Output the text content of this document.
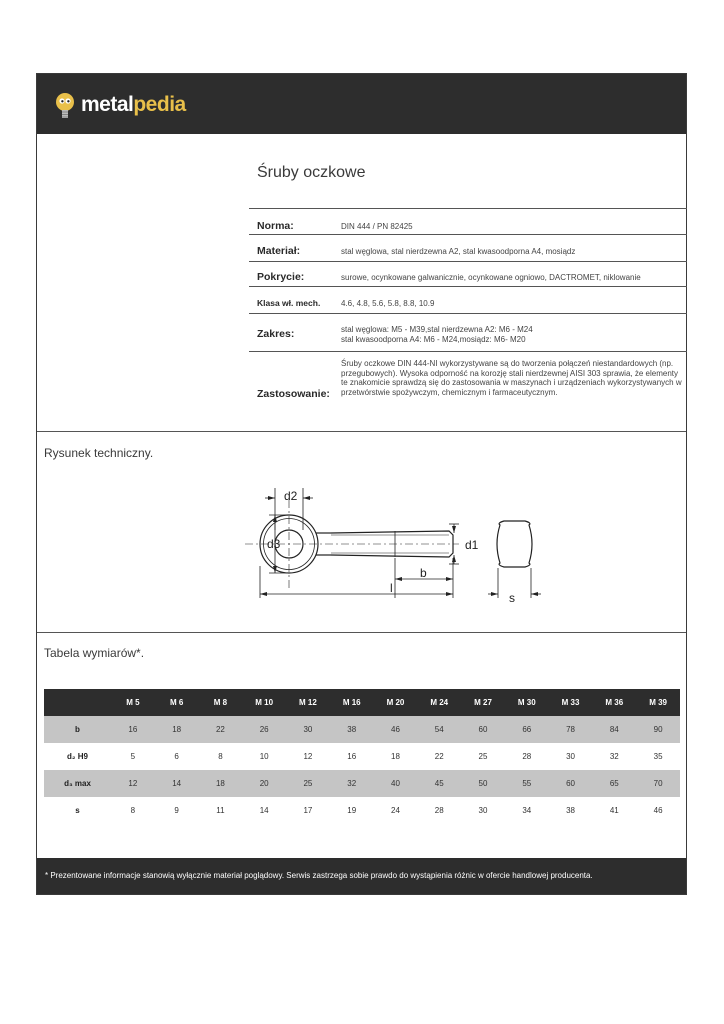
metalpedia
Śruby oczkowe
Norma:	DIN 444 / PN 82425
Materiał:	stal węglowa, stal nierdzewna A2, stal kwasoodporna A4, mosiądz
Pokrycie:	surowe, ocynkowane galwanicznie, ocynkowane ogniowo, DACTROMET, niklowanie
Klasa wł. mech.	4.6, 4.8, 5.6, 5.8, 8.8, 10.9
Zakres:	stal węglowa: M5 - M39,stal nierdzewna A2: M6 - M24
stal kwasoodporna A4: M6 - M24,mosiądz: M6- M20
Zastosowanie:
Śruby oczkowe DIN 444-NI wykorzystywane są do tworzenia połączeń niestandardowych (np. przegubowych). Wysoka odporność na korozję stali nierdzewnej AISI 303 sprawia, że elementy te znakomicie sprawdzą się do zastosowania w maszynach i urządzeniach wykorzystywanych w przetwórstwie spożywczym, chemicznym i farmaceutycznym.
Rysunek techniczny.
d2
d3	d1
b
l
s
Tabela wymiarów*.
	M 5	M 6	M 8	M 10	M 12	M 16	M 20	M 24	M 27	M 30	M 33	M 36	M 39
b	16	18	22	26	30	38	46	54	60	66	78	84	90
d₂ H9	5	6	8	10	12	16	18	22	25	28	30	32	35
d₃ max	12	14	18	20	25	32	40	45	50	55	60	65	70
s	8	9	11	14	17	19	24	28	30	34	38	41	46
* Prezentowane informacje stanowią wyłącznie materiał poglądowy. Serwis zastrzega sobie prawdo do wystąpienia różnic w ofercie handlowej producenta.
